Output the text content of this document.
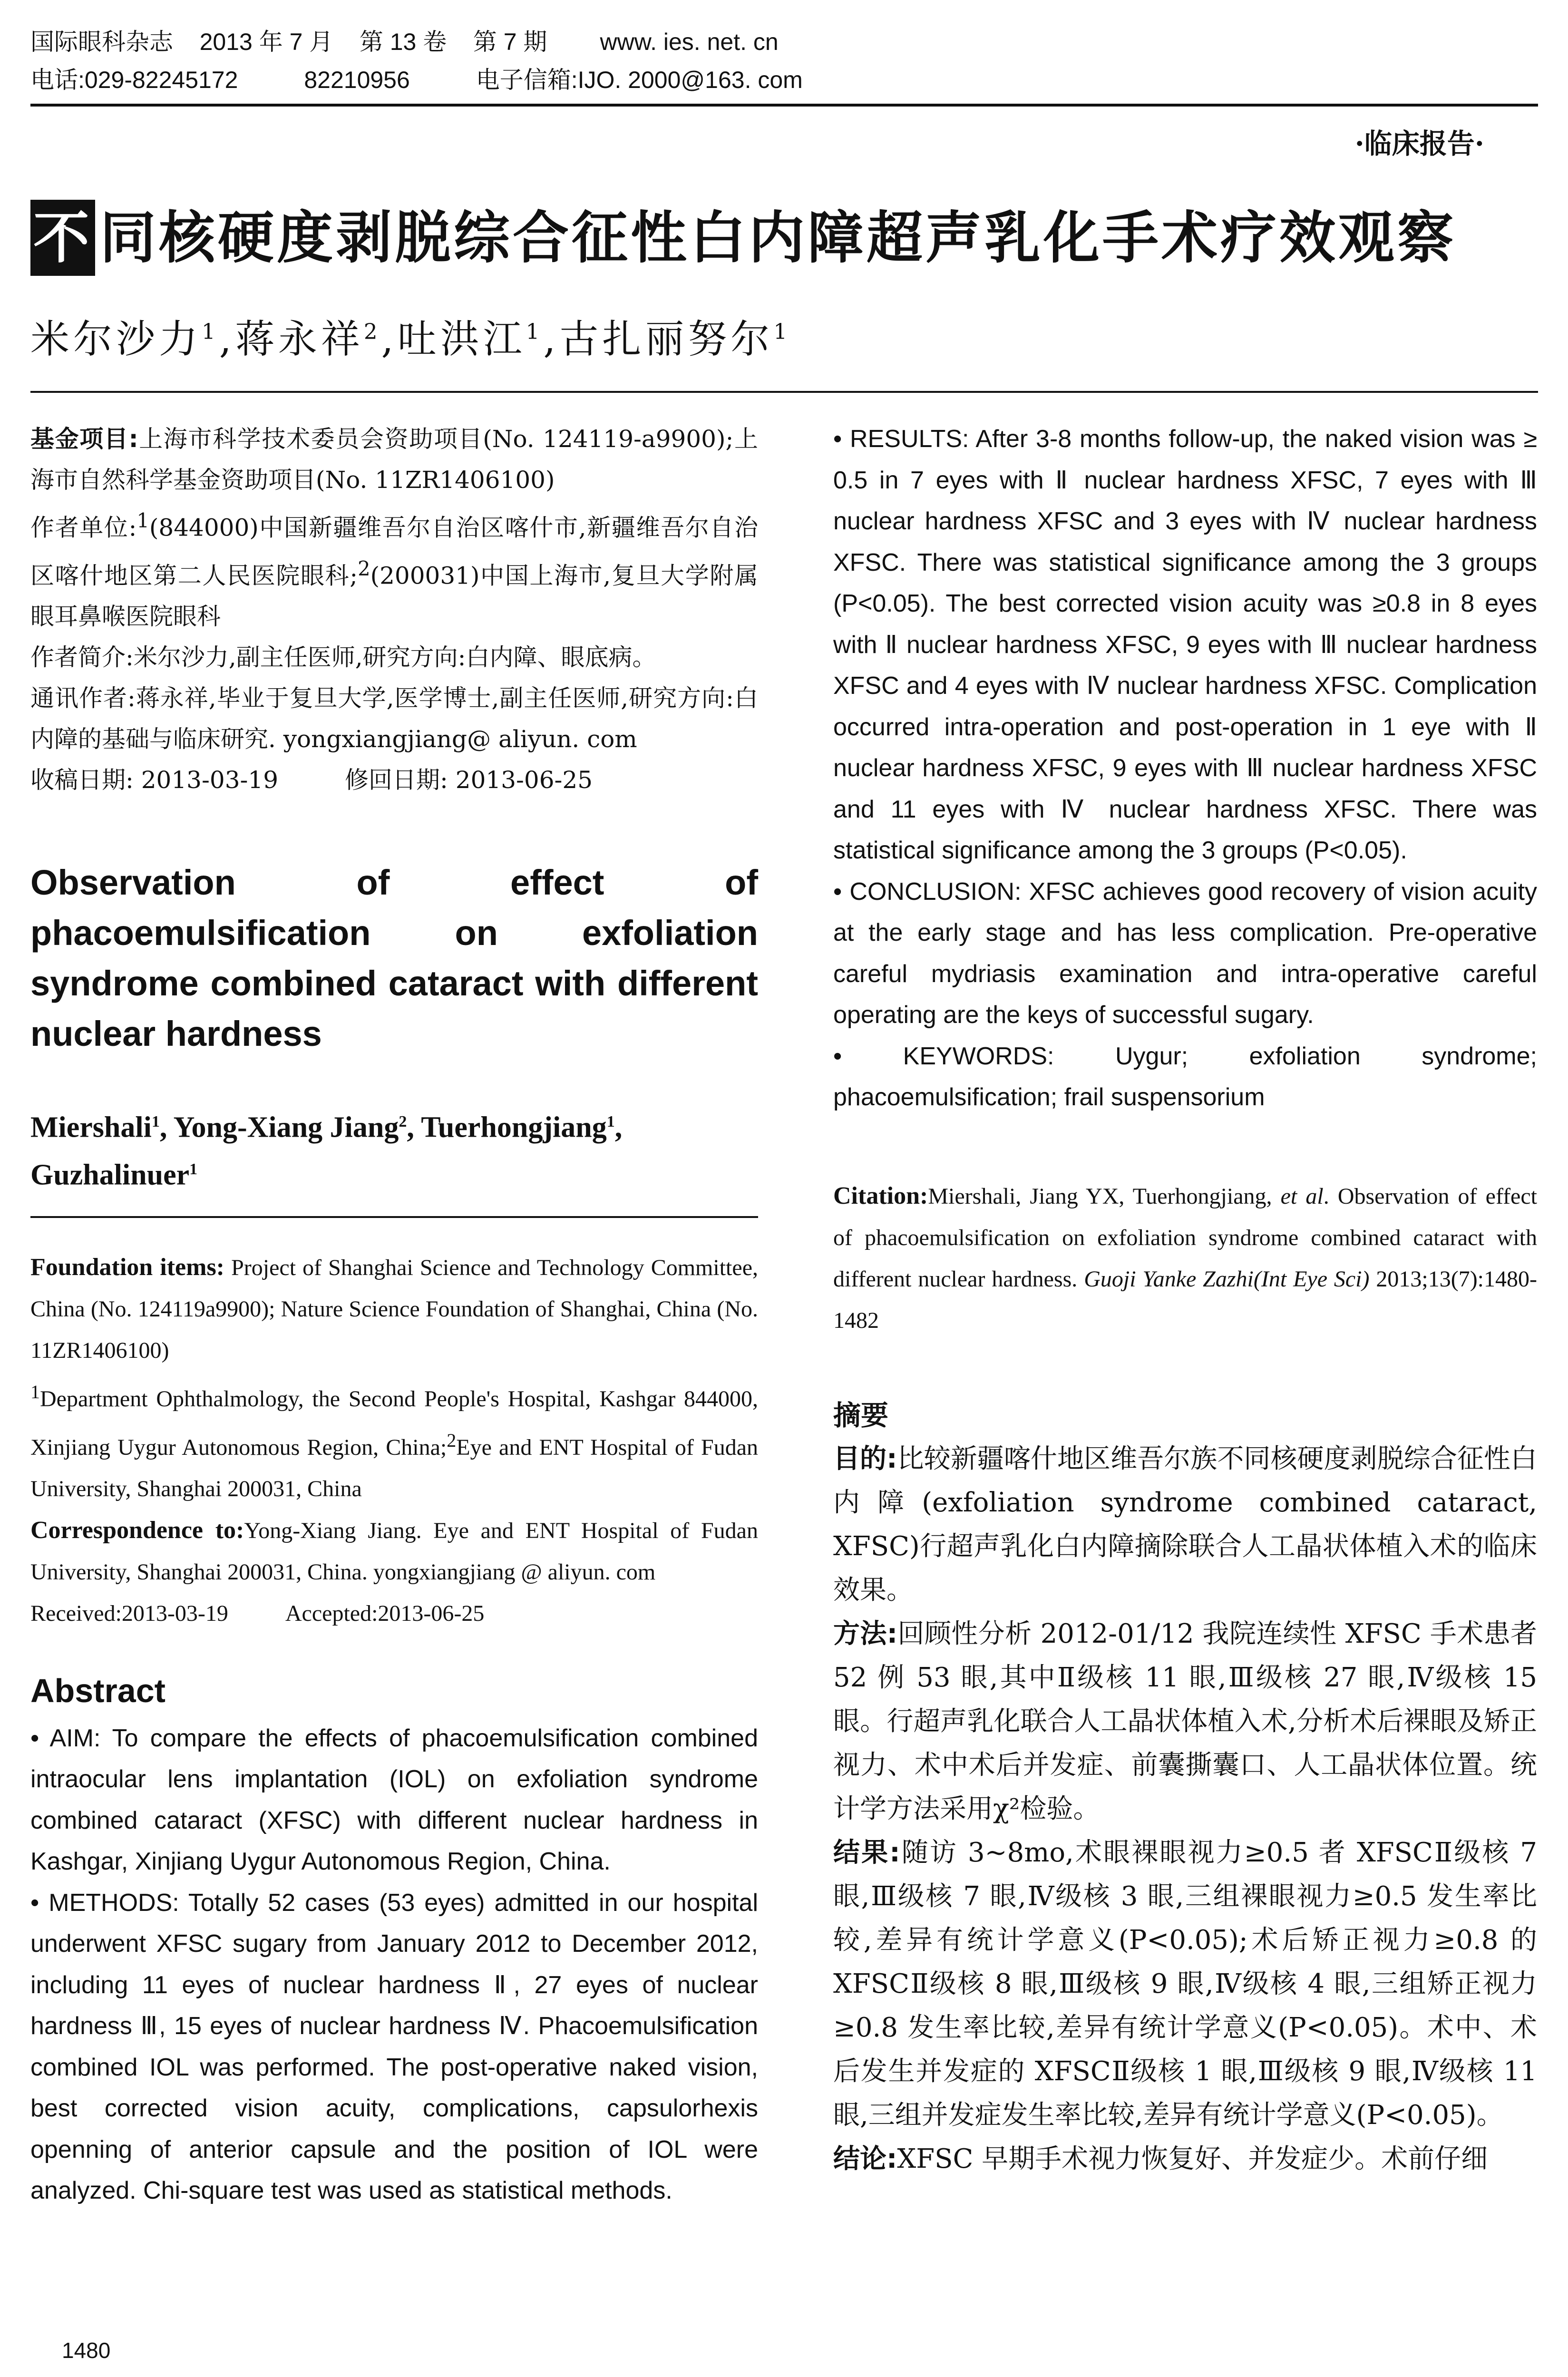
国际眼科杂志    2013 年 7 月    第 13 卷    第 7 期        www. ies. net. cn
电话:029-82245172          82210956          电子信箱:IJO. 2000@163. com
·临床报告·
不 同核硬度剥脱综合征性白内障超声乳化手术疗效观察
米尔沙力$^1$,蒋永祥$^2$,吐洪江$^1$,古扎丽努尔$^1$
基金项目:上海市科学技术委员会资助项目(No. 124119-a9900);上海市自然科学基金资助项目(No. 11ZR1406100)
作者单位:$^1$(844000)中国新疆维吾尔自治区喀什市,新疆维吾尔自治区喀什地区第二人民医院眼科;$^2$(200031)中国上海市,复旦大学附属眼耳鼻喉医院眼科
作者简介:米尔沙力,副主任医师,研究方向:白内障、眼底病。
通讯作者:蒋永祥,毕业于复旦大学,医学博士,副主任医师,研究方向:白内障的基础与临床研究. yongxiangjiang@ aliyun. com
收稿日期: 2013-03-19	修回日期: 2013-06-25
Observation of effect of phacoemulsification on exfoliation syndrome combined cataract with different nuclear hardness
Miershali$^1$, Yong-Xiang Jiang$^2$, Tuerhongjiang$^1$, Guzhalinuer$^1$
Foundation items: Project of Shanghai Science and Technology Committee, China (No. 124119a9900); Nature Science Foundation of Shanghai, China (No. 11ZR1406100)
$^1$Department Ophthalmology, the Second People's Hospital, Kashgar 844000, Xinjiang Uygur Autonomous Region, China;$^2$Eye and ENT Hospital of Fudan University, Shanghai 200031, China
Correspondence to:Yong-Xiang Jiang. Eye and ENT Hospital of Fudan University, Shanghai 200031, China. yongxiangjiang @ aliyun. com
Received:2013-03-19	Accepted:2013-06-25
Abstract
• AIM: To compare the effects of phacoemulsification combined intraocular lens implantation (IOL) on exfoliation syndrome combined cataract (XFSC) with different nuclear hardness in Kashgar, Xinjiang Uygur Autonomous Region, China.
• METHODS: Totally 52 cases (53 eyes) admitted in our hospital underwent XFSC sugary from January 2012 to December 2012, including 11 eyes of nuclear hardness Ⅱ, 27 eyes of nuclear hardness Ⅲ, 15 eyes of nuclear hardness Ⅳ. Phacoemulsification combined IOL was performed. The post-operative naked vision, best corrected vision acuity, complications, capsulorhexis openning of anterior capsule and the position of IOL were analyzed. Chi-square test was used as statistical methods.
• RESULTS: After 3-8 months follow-up, the naked vision was ≥ 0.5 in 7 eyes with Ⅱ nuclear hardness XFSC, 7 eyes with Ⅲ nuclear hardness XFSC and 3 eyes with Ⅳ nuclear hardness XFSC. There was statistical significance among the 3 groups (P<0.05). The best corrected vision acuity was ≥0.8 in 8 eyes with Ⅱ nuclear hardness XFSC, 9 eyes with Ⅲ nuclear hardness XFSC and 4 eyes with Ⅳ nuclear hardness XFSC. Complication occurred intra-operation and post-operation in 1 eye with Ⅱ nuclear hardness XFSC, 9 eyes with Ⅲ nuclear hardness XFSC and 11 eyes with Ⅳ nuclear hardness XFSC. There was statistical significance among the 3 groups (P<0.05).
• CONCLUSION: XFSC achieves good recovery of vision acuity at the early stage and has less complication. Pre-operative careful mydriasis examination and intra-operative careful operating are the keys of successful sugary.
• KEYWORDS: Uygur; exfoliation syndrome; phacoemulsification; frail suspensorium
Citation:Miershali, Jiang YX, Tuerhongjiang, et al. Observation of effect of phacoemulsification on exfoliation syndrome combined cataract with different nuclear hardness. Guoji Yanke Zazhi(Int Eye Sci) 2013;13(7):1480-1482
摘要
目的:比较新疆喀什地区维吾尔族不同核硬度剥脱综合征性白内障(exfoliation syndrome combined cataract, XFSC)行超声乳化白内障摘除联合人工晶状体植入术的临床效果。
方法:回顾性分析 2012-01/12 我院连续性 XFSC 手术患者 52 例 53 眼,其中Ⅱ级核 11 眼,Ⅲ级核 27 眼,Ⅳ级核 15 眼。行超声乳化联合人工晶状体植入术,分析术后裸眼及矫正视力、术中术后并发症、前囊撕囊口、人工晶状体位置。统计学方法采用χ²检验。
结果:随访 3~8mo,术眼裸眼视力≥0.5 者 XFSCⅡ级核 7 眼,Ⅲ级核 7 眼,Ⅳ级核 3 眼,三组裸眼视力≥0.5 发生率比较,差异有统计学意义(P<0.05);术后矫正视力≥0.8 的 XFSCⅡ级核 8 眼,Ⅲ级核 9 眼,Ⅳ级核 4 眼,三组矫正视力≥0.8 发生率比较,差异有统计学意义(P<0.05)。术中、术后发生并发症的 XFSCⅡ级核 1 眼,Ⅲ级核 9 眼,Ⅳ级核 11 眼,三组并发症发生率比较,差异有统计学意义(P<0.05)。
结论:XFSC 早期手术视力恢复好、并发症少。术前仔细
1480
